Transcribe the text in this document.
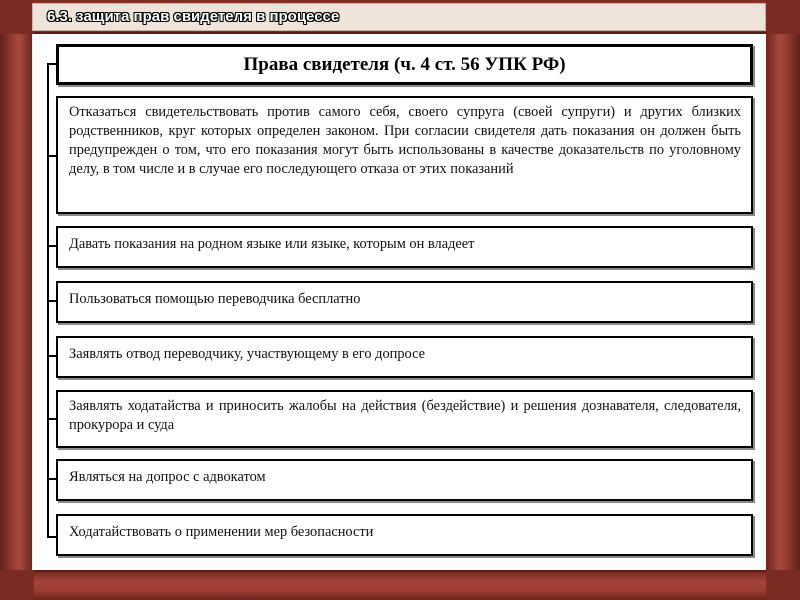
6.3. защита прав свидетеля в процессе
Права свидетеля (ч. 4 ст. 56 УПК РФ)
Отказаться свидетельствовать против самого себя, своего супруга (своей супруги) и других близких родственников, круг которых определен законом. При согласии свидетеля дать показания он должен быть предупрежден о том, что его показания могут быть использованы в качестве доказательств по уголовному делу, в том числе и в случае его последующего отказа от этих показаний
Давать показания на родном языке или языке, которым он владеет
Пользоваться помощью переводчика бесплатно
Заявлять отвод переводчику, участвующему в его допросе
Заявлять ходатайства и приносить жалобы на действия (бездействие) и решения дознавателя, следователя, прокурора и суда
Являться на допрос с адвокатом
Ходатайствовать о применении мер безопасности
